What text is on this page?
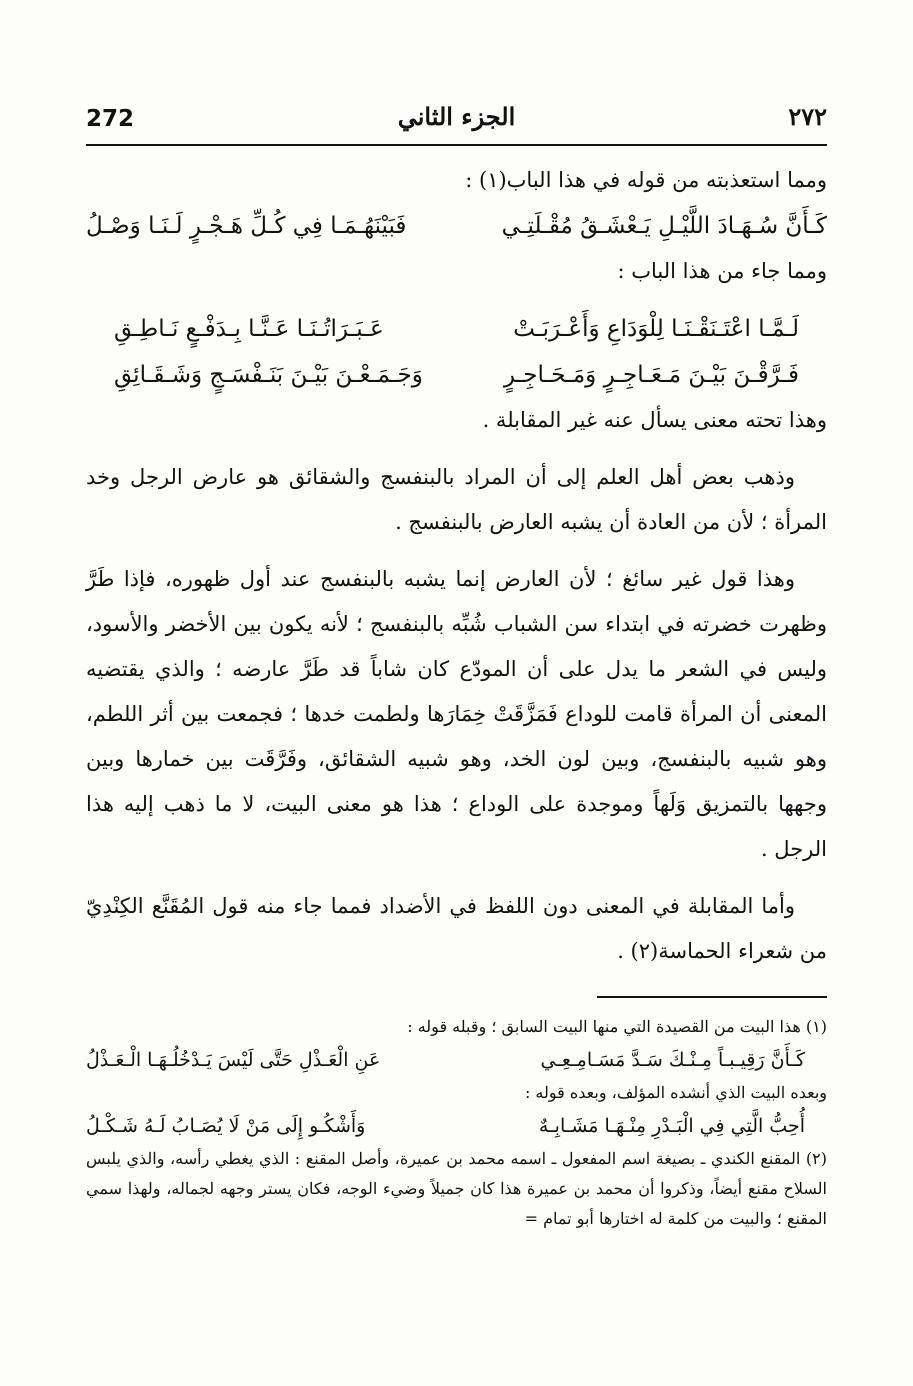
272	الجزء الثاني	٢٧٢

ومما استعذبته من قوله في هذا الباب(١) :

كَـأَنَّ سُـهَـادَ اللَّيْـلِ يَـعْشَـقُ مُقْـلَتِـي
فَبَيْنَهُـمَـا فِي كُـلِّ هَـجْـرٍ لَـنَـا وَصْـلُ

ومما جاء من هذا الباب :

لَـمَّـا اعْتَـنَقْـنَـا لِلْوَدَاعِ وَأَعْـرَبَـتْ
عَـبَـرَاتُـنَـا عَـنَّـا بِـدَفْـعٍ نَـاطِـقِ
فَـرَّقْـنَ بَيْـنَ مَـعَـاجِـرٍ وَمَـحَـاجِـرٍ
وَجَـمَـعْـنَ بَيْـنَ بَنَـفْسَـجٍ وَشَـقَـائِقِ

وهذا تحته معنى يسأل عنه غير المقابلة .

وذهب بعض أهل العلم إلى أن المراد بالبنفسج والشقائق هو عارض الرجل وخد المرأة ؛ لأن من العادة أن يشبه العارض بالبنفسج .

وهذا قول غير سائغ ؛ لأن العارض إنما يشبه بالبنفسج عند أول ظهوره، فإذا طَرَّ وظهرت خضرته في ابتداء سن الشباب شُبِّه بالبنفسج ؛ لأنه يكون بين الأخضر والأسود، وليس في الشعر ما يدل على أن المودّع كان شاباً قد طَرَّ عارضه ؛ والذي يقتضيه المعنى أن المرأة قامت للوداع فَمَزَّقَتْ خِمَارَها ولطمت خدها ؛ فجمعت بين أثر اللطم، وهو شبيه بالبنفسج، وبين لون الخد، وهو شبيه الشقائق، وفَرَّقَت بين خمارها وبين وجهها بالتمزيق وَلَهاً وموجدة على الوداع ؛ هذا هو معنى البيت، لا ما ذهب إليه هذا الرجل .

وأما المقابلة في المعنى دون اللفظ في الأضداد فمما جاء منه قول المُقَنَّع الكِنْدِيّ من شعراء الحماسة(٢) .

(١) هذا البيت من القصيدة التي منها البيت السابق ؛ وقبله قوله :

كَـأَنَّ رَقِيـبـاً مِـنْـكَ سَـدَّ مَسَـامِـعِـي
عَنِ الْعَـذْلِ حَتَّى لَيْسَ يَـدْخُلُـهَـا الْـعَـذْلُ

وبعده البيت الذي أنشده المؤلف، وبعده قوله :

أُحِبُّ الَّتِي فِي الْبَـدْرِ مِنْـهَـا مَشَـابِـهٌ
وَأَشْكُـو إِلَى مَنْ لَا يُصَـابُ لَـهُ شَـكْـلُ

(٢) المقنع الكندي ـ بصيغة اسم المفعول ـ اسمه محمد بن عميرة، وأصل المقنع : الذي يغطي رأسه، والذي يلبس السلاح مقنع أيضاً، وذكروا أن محمد بن عميرة هذا كان جميلاً وضيء الوجه، فكان يستر وجهه لجماله، ولهذا سمي المقنع ؛ والبيت من كلمة له اختارها أبو تمام =
